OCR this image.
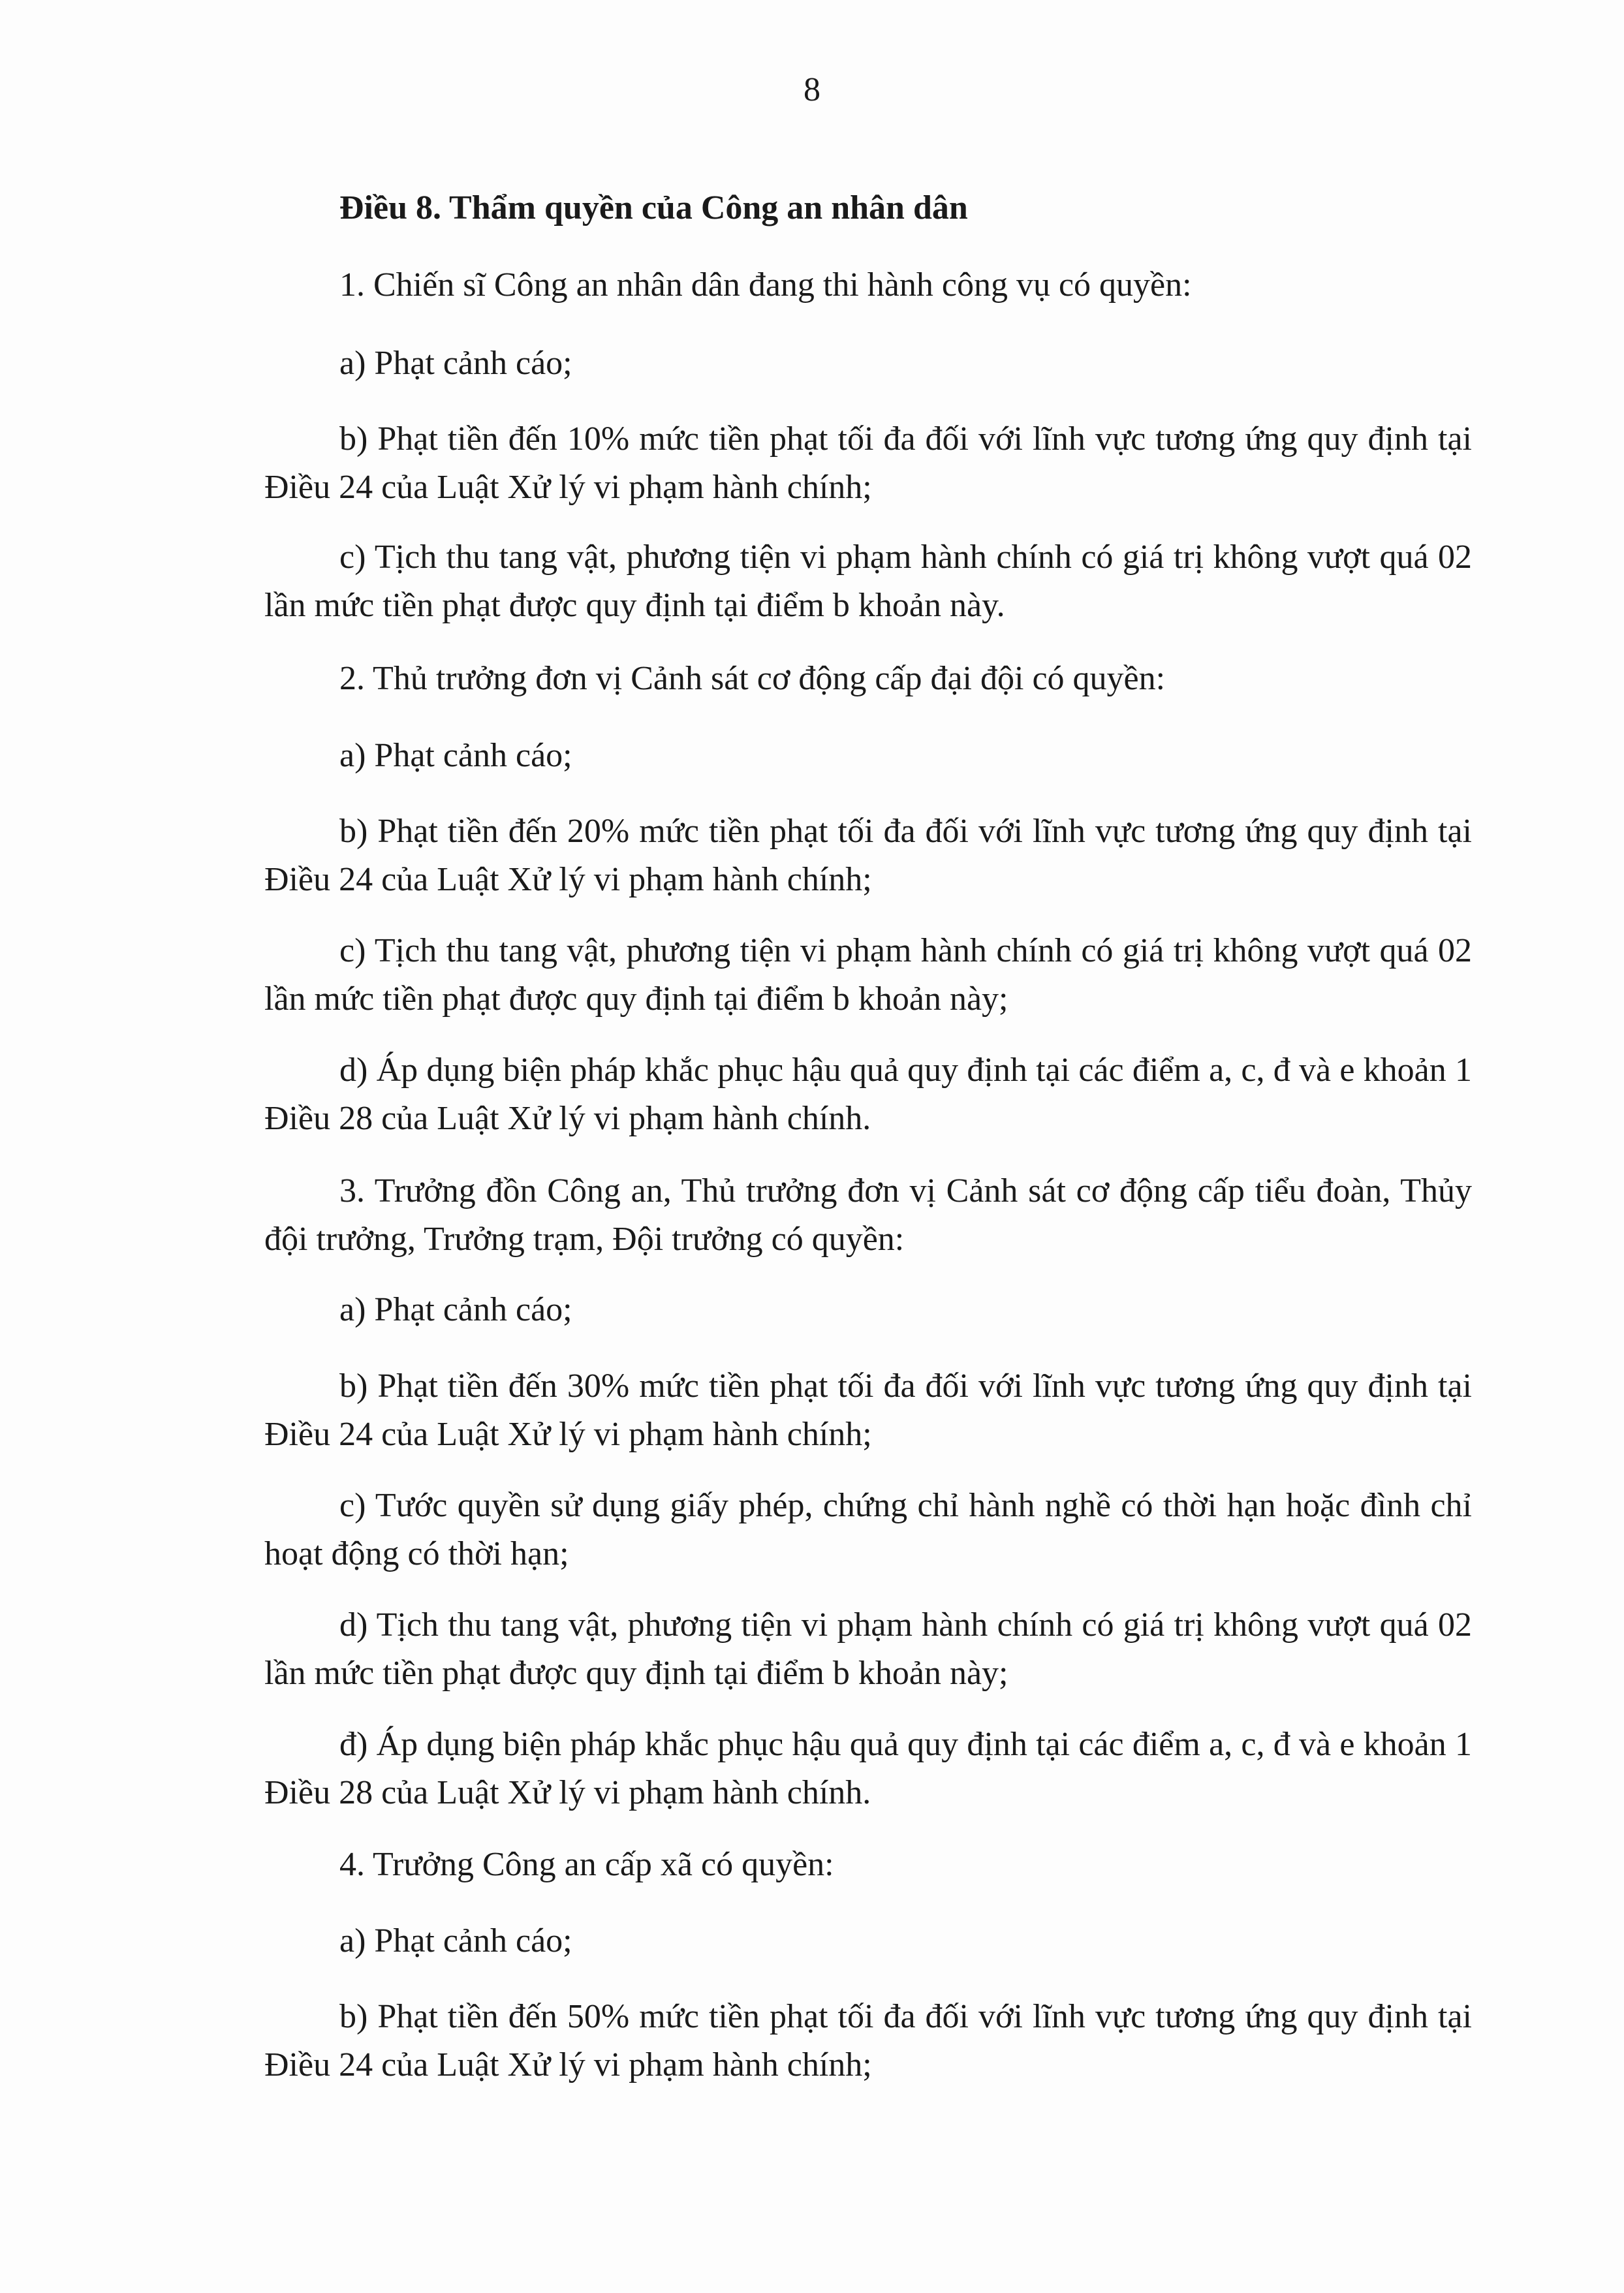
8
Điều 8. Thẩm quyền của Công an nhân dân
1. Chiến sĩ Công an nhân dân đang thi hành công vụ có quyền:
a) Phạt cảnh cáo;
b) Phạt tiền đến 10% mức tiền phạt tối đa đối với lĩnh vực tương ứng quy định tại Điều 24 của Luật Xử lý vi phạm hành chính;
c) Tịch thu tang vật, phương tiện vi phạm hành chính có giá trị không vượt quá 02 lần mức tiền phạt được quy định tại điểm b khoản này.
2. Thủ trưởng đơn vị Cảnh sát cơ động cấp đại đội có quyền:
a) Phạt cảnh cáo;
b) Phạt tiền đến 20% mức tiền phạt tối đa đối với lĩnh vực tương ứng quy định tại Điều 24 của Luật Xử lý vi phạm hành chính;
c) Tịch thu tang vật, phương tiện vi phạm hành chính có giá trị không vượt quá 02 lần mức tiền phạt được quy định tại điểm b khoản này;
d) Áp dụng biện pháp khắc phục hậu quả quy định tại các điểm a, c, đ và e khoản 1 Điều 28 của Luật Xử lý vi phạm hành chính.
3. Trưởng đồn Công an, Thủ trưởng đơn vị Cảnh sát cơ động cấp tiểu đoàn, Thủy đội trưởng, Trưởng trạm, Đội trưởng có quyền:
a) Phạt cảnh cáo;
b) Phạt tiền đến 30% mức tiền phạt tối đa đối với lĩnh vực tương ứng quy định tại Điều 24 của Luật Xử lý vi phạm hành chính;
c) Tước quyền sử dụng giấy phép, chứng chỉ hành nghề có thời hạn hoặc đình chỉ hoạt động có thời hạn;
d) Tịch thu tang vật, phương tiện vi phạm hành chính có giá trị không vượt quá 02 lần mức tiền phạt được quy định tại điểm b khoản này;
đ) Áp dụng biện pháp khắc phục hậu quả quy định tại các điểm a, c, đ và e khoản 1 Điều 28 của Luật Xử lý vi phạm hành chính.
4. Trưởng Công an cấp xã có quyền:
a) Phạt cảnh cáo;
b) Phạt tiền đến 50% mức tiền phạt tối đa đối với lĩnh vực tương ứng quy định tại Điều 24 của Luật Xử lý vi phạm hành chính;
